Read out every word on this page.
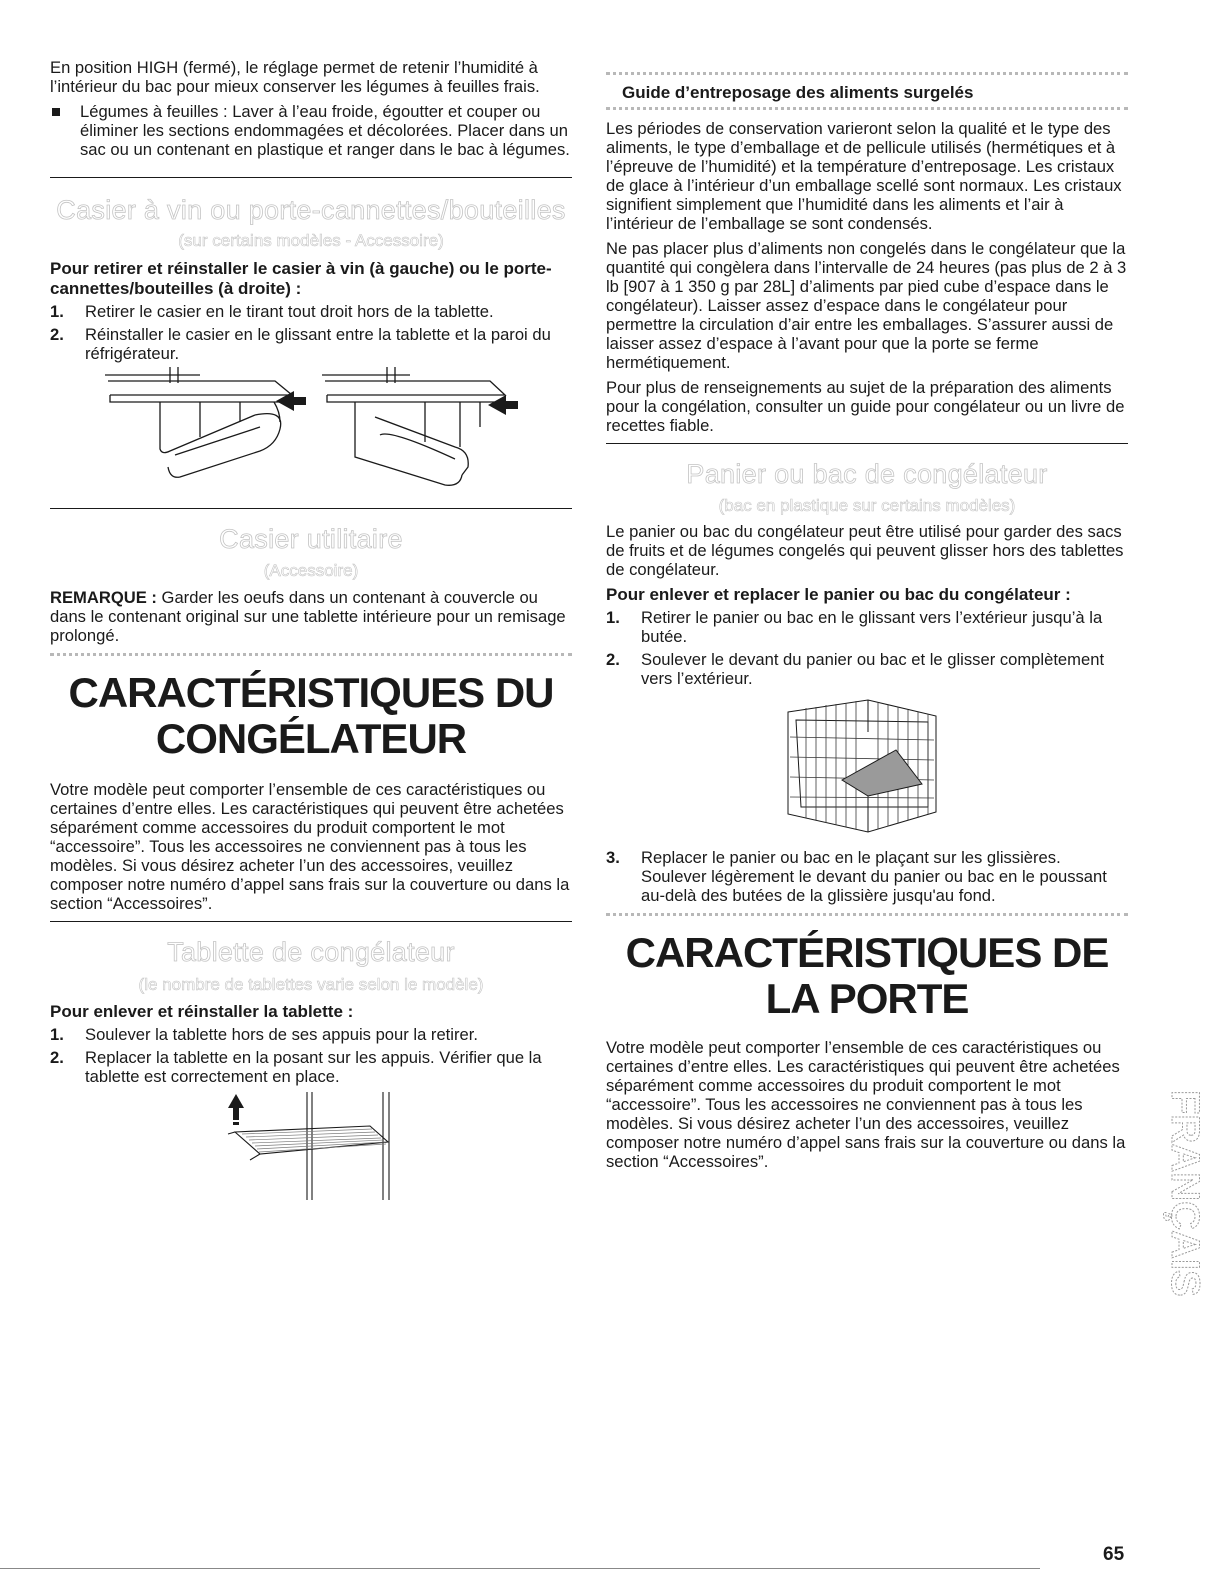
En position HIGH (fermé), le réglage permet de retenir l’humidité à l’intérieur du bac pour mieux conserver les légumes à feuilles frais.

Légumes à feuilles : Laver à l’eau froide, égoutter et couper ou éliminer les sections endommagées et décolorées. Placer dans un sac ou un contenant en plastique et ranger dans le bac à légumes.
Casier à vin ou porte-cannettes/bouteilles
(sur certains modèles - Accessoire)
Pour retirer et réinstaller le casier à vin (à gauche) ou le porte-cannettes/bouteilles (à droite) :
1. Retirer le casier en le tirant tout droit hors de la tablette.
2. Réinstaller le casier en le glissant entre la tablette et la paroi du réfrigérateur.
Casier utilitaire
(Accessoire)

REMARQUE : Garder les oeufs dans un contenant à couvercle ou dans le contenant original sur une tablette intérieure pour un remisage prolongé.

CARACTÉRISTIQUES DU
CONGÉLATEUR

Votre modèle peut comporter l’ensemble de ces caractéristiques ou certaines d’entre elles. Les caractéristiques qui peuvent être achetées séparément comme accessoires du produit comportent le mot “accessoire”. Tous les accessoires ne conviennent pas à tous les modèles. Si vous désirez acheter l’un des accessoires, veuillez composer notre numéro d’appel sans frais sur la couverture ou dans la section “Accessoires”.

Tablette de congélateur
(le nombre de tablettes varie selon le modèle)
Pour enlever et réinstaller la tablette :
1. Soulever la tablette hors de ses appuis pour la retirer.
2. Replacer la tablette en la posant sur les appuis. Vérifier que la tablette est correctement en place.
Guide d’entreposage des aliments surgelés

Les périodes de conservation varieront selon la qualité et le type des aliments, le type d’emballage et de pellicule utilisés (hermétiques et à l’épreuve de l’humidité) et la température d’entreposage. Les cristaux de glace à l’intérieur d’un emballage scellé sont normaux. Les cristaux signifient simplement que l’humidité dans les aliments et l’air à l’intérieur de l’emballage se sont condensés.

Ne pas placer plus d’aliments non congelés dans le congélateur que la quantité qui congèlera dans l’intervalle de 24 heures (pas plus de 2 à 3 lb [907 à 1 350 g par 28L] d’aliments par pied cube d’espace dans le congélateur). Laisser assez d’espace dans le congélateur pour permettre la circulation d’air entre les emballages. S’assurer aussi de laisser assez d’espace à l’avant pour que la porte se ferme hermétiquement.

Pour plus de renseignements au sujet de la préparation des aliments pour la congélation, consulter un guide pour congélateur ou un livre de recettes fiable.

Panier ou bac de congélateur
(bac en plastique sur certains modèles)

Le panier ou bac du congélateur peut être utilisé pour garder des sacs de fruits et de légumes congelés qui peuvent glisser hors des tablettes de congélateur.

Pour enlever et replacer le panier ou bac du congélateur :
1. Retirer le panier ou bac en le glissant vers l’extérieur jusqu’à la butée.
2. Soulever le devant du panier ou bac et le glisser complètement vers l’extérieur.
3. Replacer le panier ou bac en le plaçant sur les glissières. Soulever légèrement le devant du panier ou bac en le poussant au-delà des butées de la glissière jusqu'au fond.
CARACTÉRISTIQUES DE
LA PORTE

Votre modèle peut comporter l’ensemble de ces caractéristiques ou certaines d’entre elles. Les caractéristiques qui peuvent être achetées séparément comme accessoires du produit comportent le mot “accessoire”. Tous les accessoires ne conviennent pas à tous les modèles. Si vous désirez acheter l’un des accessoires, veuillez composer notre numéro d’appel sans frais sur la couverture ou dans la section “Accessoires”.	FRANÇAIS
65
